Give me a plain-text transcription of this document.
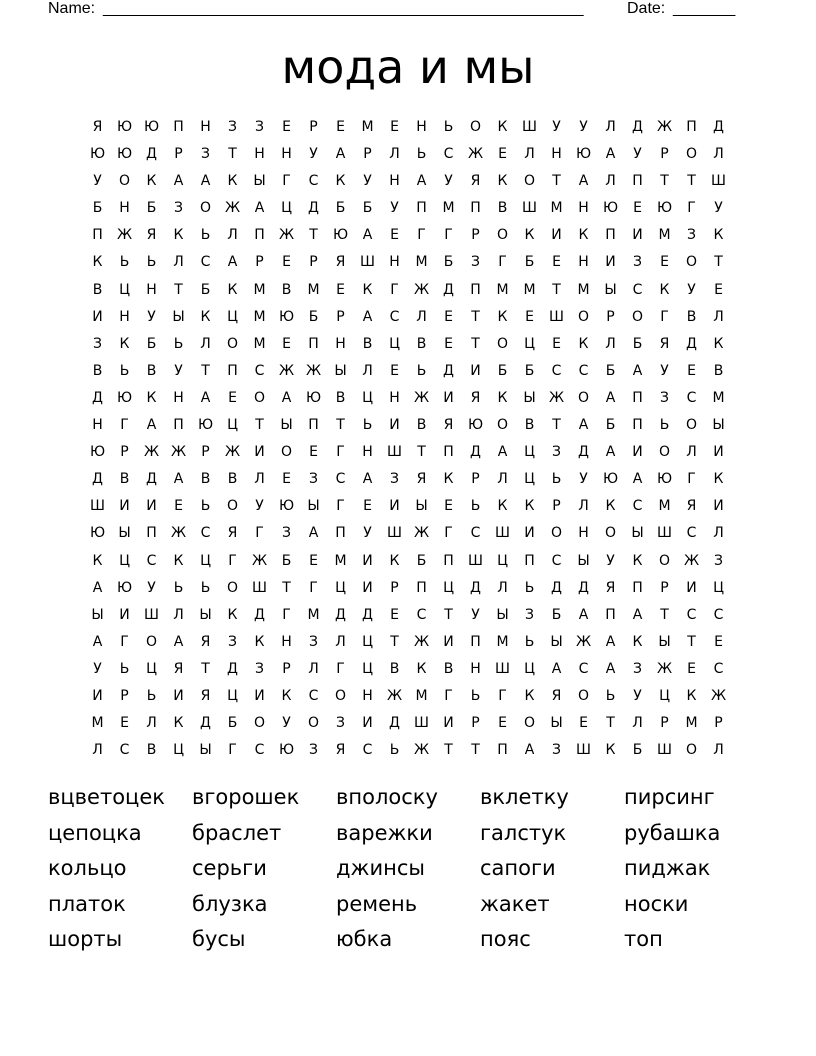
Name: ______________________________________________________	Date: _______
мода и мы
Я	Ю Ю	П	Н	З	З	Е	Р	Е	М	Е	Н	Ь	О	К	Ш	У	У	Л	Д Ж	П	Д
Ю Ю Д	Р	З	Т	Н	Н	У	А	Р	Л	Ь	С	Ж	Е	Л	Н	Ю	А	У	Р	О	Л
У	О	К	А	А	К	Ы	Г	С	К	У	Н	А	У	Я	К	О	Т	А	Л	П	Т	Т	Ш
Б	Н	Б	З	О Ж	А	Ц	Д	Б	Б	У	П	М	П	В	Ш М	Н	Ю	Е	Ю	Г	У
П	Ж	Я	К	Ь	Л	П	Ж	Т	Ю	А	Е	Г	Г	Р	О	К	И	К	П	И	М	З	К
К	Ь	Ь	Л	С	А	Р	Е	Р	Я	Ш	Н	М	Б	З	Г	Б	Е	Н	И	З	Е	О	Т
В	Ц	Н	Т	Б	К	М	В	М	Е	К	Г	Ж Д	П	М	М	Т	М	Ы	С	К	У	Е
И	Н	У	Ы	К	Ц	М Ю	Б	Р	А	С	Л	Е	Т	К	Е	Ш	О	Р	О	Г	В	Л
З	К	Б	Ь	Л	О	М	Е	П	Н	В	Ц	В	Е	Т	О	Ц	Е	К	Л	Б	Я	Д	К
В	Ь	В	У	Т	П	С	Ж Ж Ы	Л	Е	Ь	Д	И	Б	Б	С	С	Б	А	У	Е	В
Д Ю	К	Н	А	Е	О	А	Ю	В	Ц	Н	Ж	И	Я	К	Ы Ж О	А	П	З	С	М
Н	Г	А	П	Ю	Ц	Т	Ы	П	Т	Ь	И	В	Я	Ю О	В	Т	А	Б	П	Ь	О	Ы
Ю	Р	Ж Ж	Р	Ж	И	О	Е	Г	Н	Ш	Т	П	Д	А	Ц	З	Д	А	И	О	Л	И
Д	В	Д	А	В	В	Л	Е	З	С	А	З	Я	К	Р	Л	Ц	Ь	У	Ю	А	Ю	Г	К
Ш	И	И	Е	Ь	О	У	Ю Ы	Г	Е	И	Ы	Е	Ь	К	К	Р	Л	К	С	М	Я	И
Ю Ы	П	Ж	С	Я	Г	З	А	П	У	Ш Ж	Г	С	Ш	И	О	Н	О	Ы Ш	С	Л
К	Ц	С	К	Ц	Г	Ж	Б	Е	М	И	К	Б	П	Ш	Ц	П	С	Ы	У	К	О Ж	З
А	Ю	У	Ь	Ь	О Ш	Т	Г	Ц	И	Р	П	Ц	Д	Л	Ь	Д	Д	Я	П	Р	И	Ц
Ы	И	Ш	Л	Ы	К	Д	Г	М	Д	Д	Е	С	Т	У	Ы	З	Б	А	П	А	Т	С	С
А	Г	О	А	Я	З	К	Н	З	Л	Ц	Т	Ж	И	П	М	Ь	Ы Ж	А	К	Ы	Т	Е
У	Ь	Ц	Я	Т	Д	З	Р	Л	Г	Ц	В	К	В	Н	Ш	Ц	А	С	А	З	Ж	Е	С
И	Р	Ь	И	Я	Ц	И	К	С	О	Н	Ж М	Г	Ь	Г	К	Я	О	Ь	У	Ц	К	Ж
М	Е	Л	К	Д	Б	О	У	О	З	И	Д	Ш	И	Р	Е	О	Ы	Е	Т	Л	Р	М	Р
Л	С	В	Ц	Ы	Г	С	Ю	З	Я	С	Ь	Ж	Т	Т	П	А	З	Ш	К	Б	Ш	О	Л
вцветоцек	вгорошек	вполоску	вклетку	пирсинг
цепоцка	браслет	варежки	галстук	рубашка
кольцо	серьги	джинсы	сапоги	пиджак
платок	блузка	ремень	жакет	носки
шорты	бусы	юбка	пояс	топ
